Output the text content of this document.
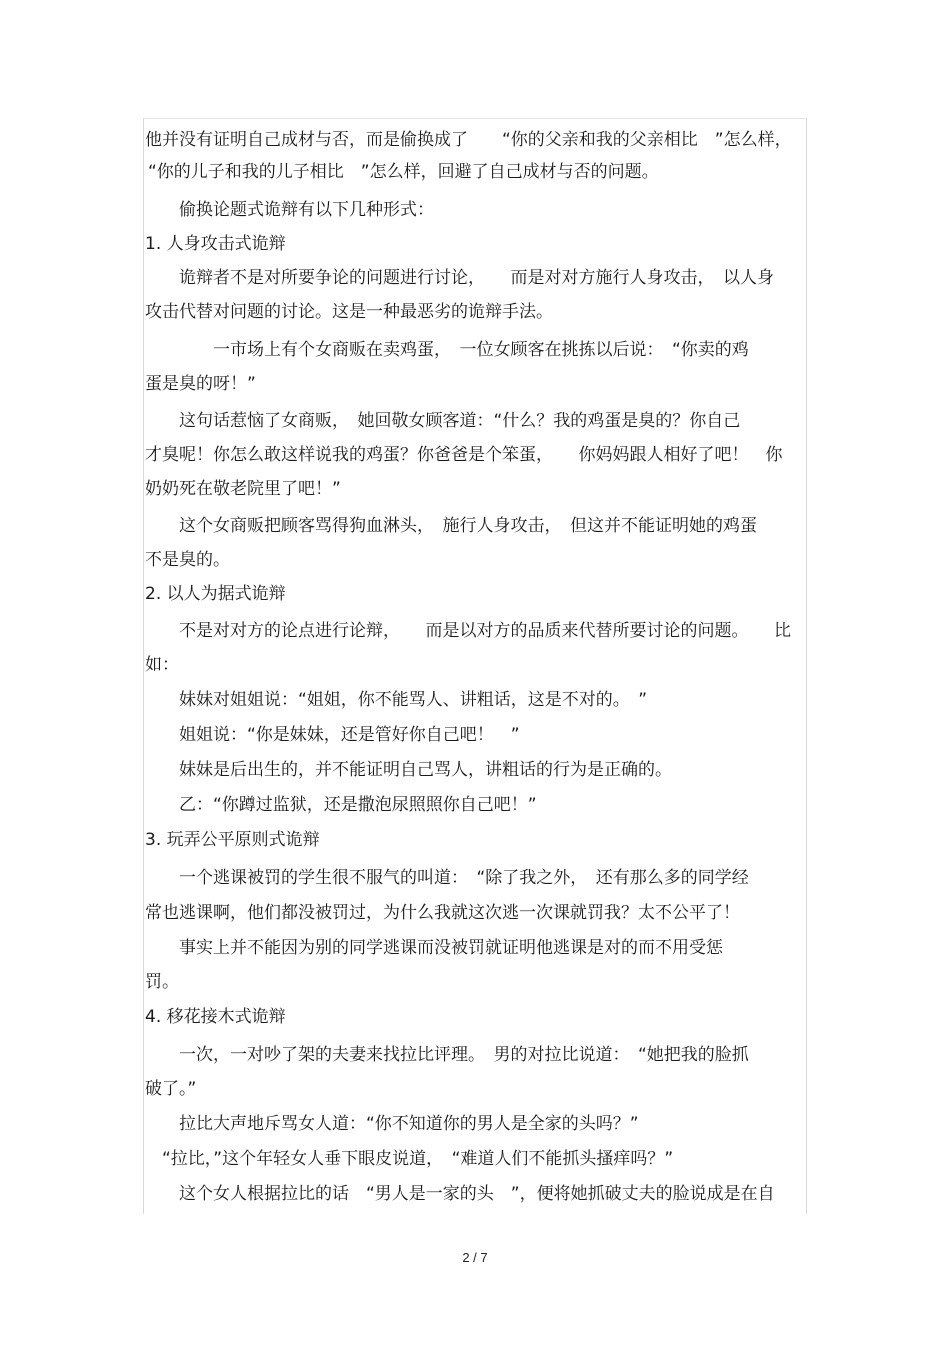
他并没有证明自己成材与否，而是偷换成了　　“你的父亲和我的父亲相比　”怎么样，
“你的儿子和我的儿子相比　”怎么样，回避了自己成材与否的问题。
　　偷换论题式诡辩有以下几种形式：
1. 人身攻击式诡辩
　　诡辩者不是对所要争论的问题进行讨论，　　而是对对方施行人身攻击，　以人身
攻击代替对问题的讨论。这是一种最恶劣的诡辩手法。
　　　　一市场上有个女商贩在卖鸡蛋，　一位女顾客在挑拣以后说：　“你卖的鸡
蛋是臭的呀！”
　　这句话惹恼了女商贩，　她回敬女顾客道：“什么？我的鸡蛋是臭的？你自己
才臭呢！你怎么敢这样说我的鸡蛋？你爸爸是个笨蛋，　　你妈妈跟人相好了吧！　你
奶奶死在敬老院里了吧！”
　　这个女商贩把顾客骂得狗血淋头，　施行人身攻击，　但这并不能证明她的鸡蛋
不是臭的。
2. 以人为据式诡辩
　　不是对对方的论点进行论辩，　　而是以对方的品质来代替所要讨论的问题。　　比
如：
　　妹妹对姐姐说：“姐姐，你不能骂人、讲粗话，这是不对的。　”
　　姐姐说：“你是妹妹，还是管好你自己吧！　”
　　妹妹是后出生的，并不能证明自己骂人，讲粗话的行为是正确的。
　　乙：“你蹲过监狱，还是撒泡尿照照你自己吧！”
3. 玩弄公平原则式诡辩
　　一个逃课被罚的学生很不服气的叫道：　“除了我之外，　还有那么多的同学经
常也逃课啊，他们都没被罚过，为什么我就这次逃一次课就罚我？太不公平了！
　　事实上并不能因为别的同学逃课而没被罚就证明他逃课是对的而不用受惩
罚。
4. 移花接木式诡辩
　　一次，一对吵了架的夫妻来找拉比评理。　男的对拉比说道：　“她把我的脸抓
破了。”
　　拉比大声地斥骂女人道：“你不知道你的男人是全家的头吗？”
　“拉比，”这个年轻女人垂下眼皮说道，　“难道人们不能抓头搔痒吗？”
　　这个女人根据拉比的话　“男人是一家的头　”，便将她抓破丈夫的脸说成是在自
2 / 7
